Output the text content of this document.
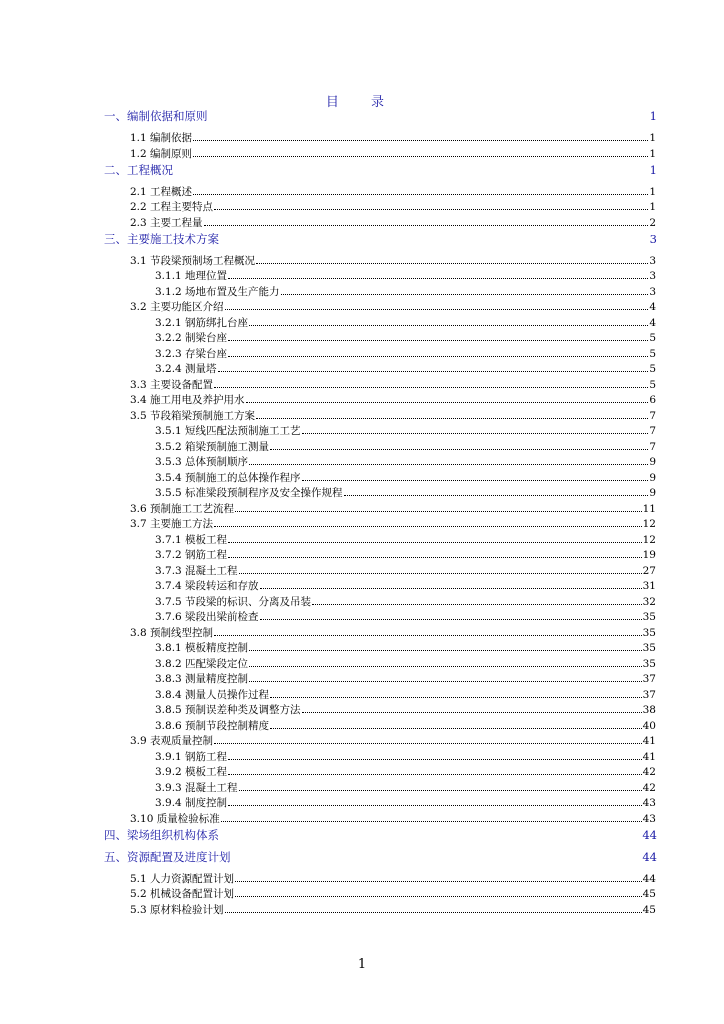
目 录
一、编制依据和原则	1
1.1 编制依据	1
1.2 编制原则	1
二、工程概况	1
2.1 工程概述	1
2.2 工程主要特点	1
2.3 主要工程量	2
三、主要施工技术方案	3
3.1 节段梁预制场工程概况	3
3.1.1 地理位置	3
3.1.2 场地布置及生产能力	3
3.2 主要功能区介绍	4
3.2.1 钢筋绑扎台座	4
3.2.2 制梁台座	5
3.2.3 存梁台座	5
3.2.4 测量塔	5
3.3 主要设备配置	5
3.4 施工用电及养护用水	6
3.5 节段箱梁预制施工方案	7
3.5.1 短线匹配法预制施工工艺	7
3.5.2 箱梁预制施工测量	7
3.5.3 总体预制顺序	9
3.5.4 预制施工的总体操作程序	9
3.5.5 标准梁段预制程序及安全操作规程	9
3.6 预制施工工艺流程	11
3.7 主要施工方法	12
3.7.1 模板工程	12
3.7.2 钢筋工程	19
3.7.3 混凝土工程	27
3.7.4 梁段转运和存放	31
3.7.5 节段梁的标识、分离及吊装	32
3.7.6 梁段出梁前检查	35
3.8 预制线型控制	35
3.8.1 模板精度控制	35
3.8.2 匹配梁段定位	35
3.8.3 测量精度控制	37
3.8.4 测量人员操作过程	37
3.8.5 预制误差种类及调整方法	38
3.8.6 预制节段控制精度	40
3.9 表观质量控制	41
3.9.1 钢筋工程	41
3.9.2 模板工程	42
3.9.3 混凝土工程	42
3.9.4 制度控制	43
3.10 质量检验标准	43
四、梁场组织机构体系	44
五、资源配置及进度计划	44
5.1 人力资源配置计划	44
5.2 机械设备配置计划	45
5.3 原材料检验计划	45
1
